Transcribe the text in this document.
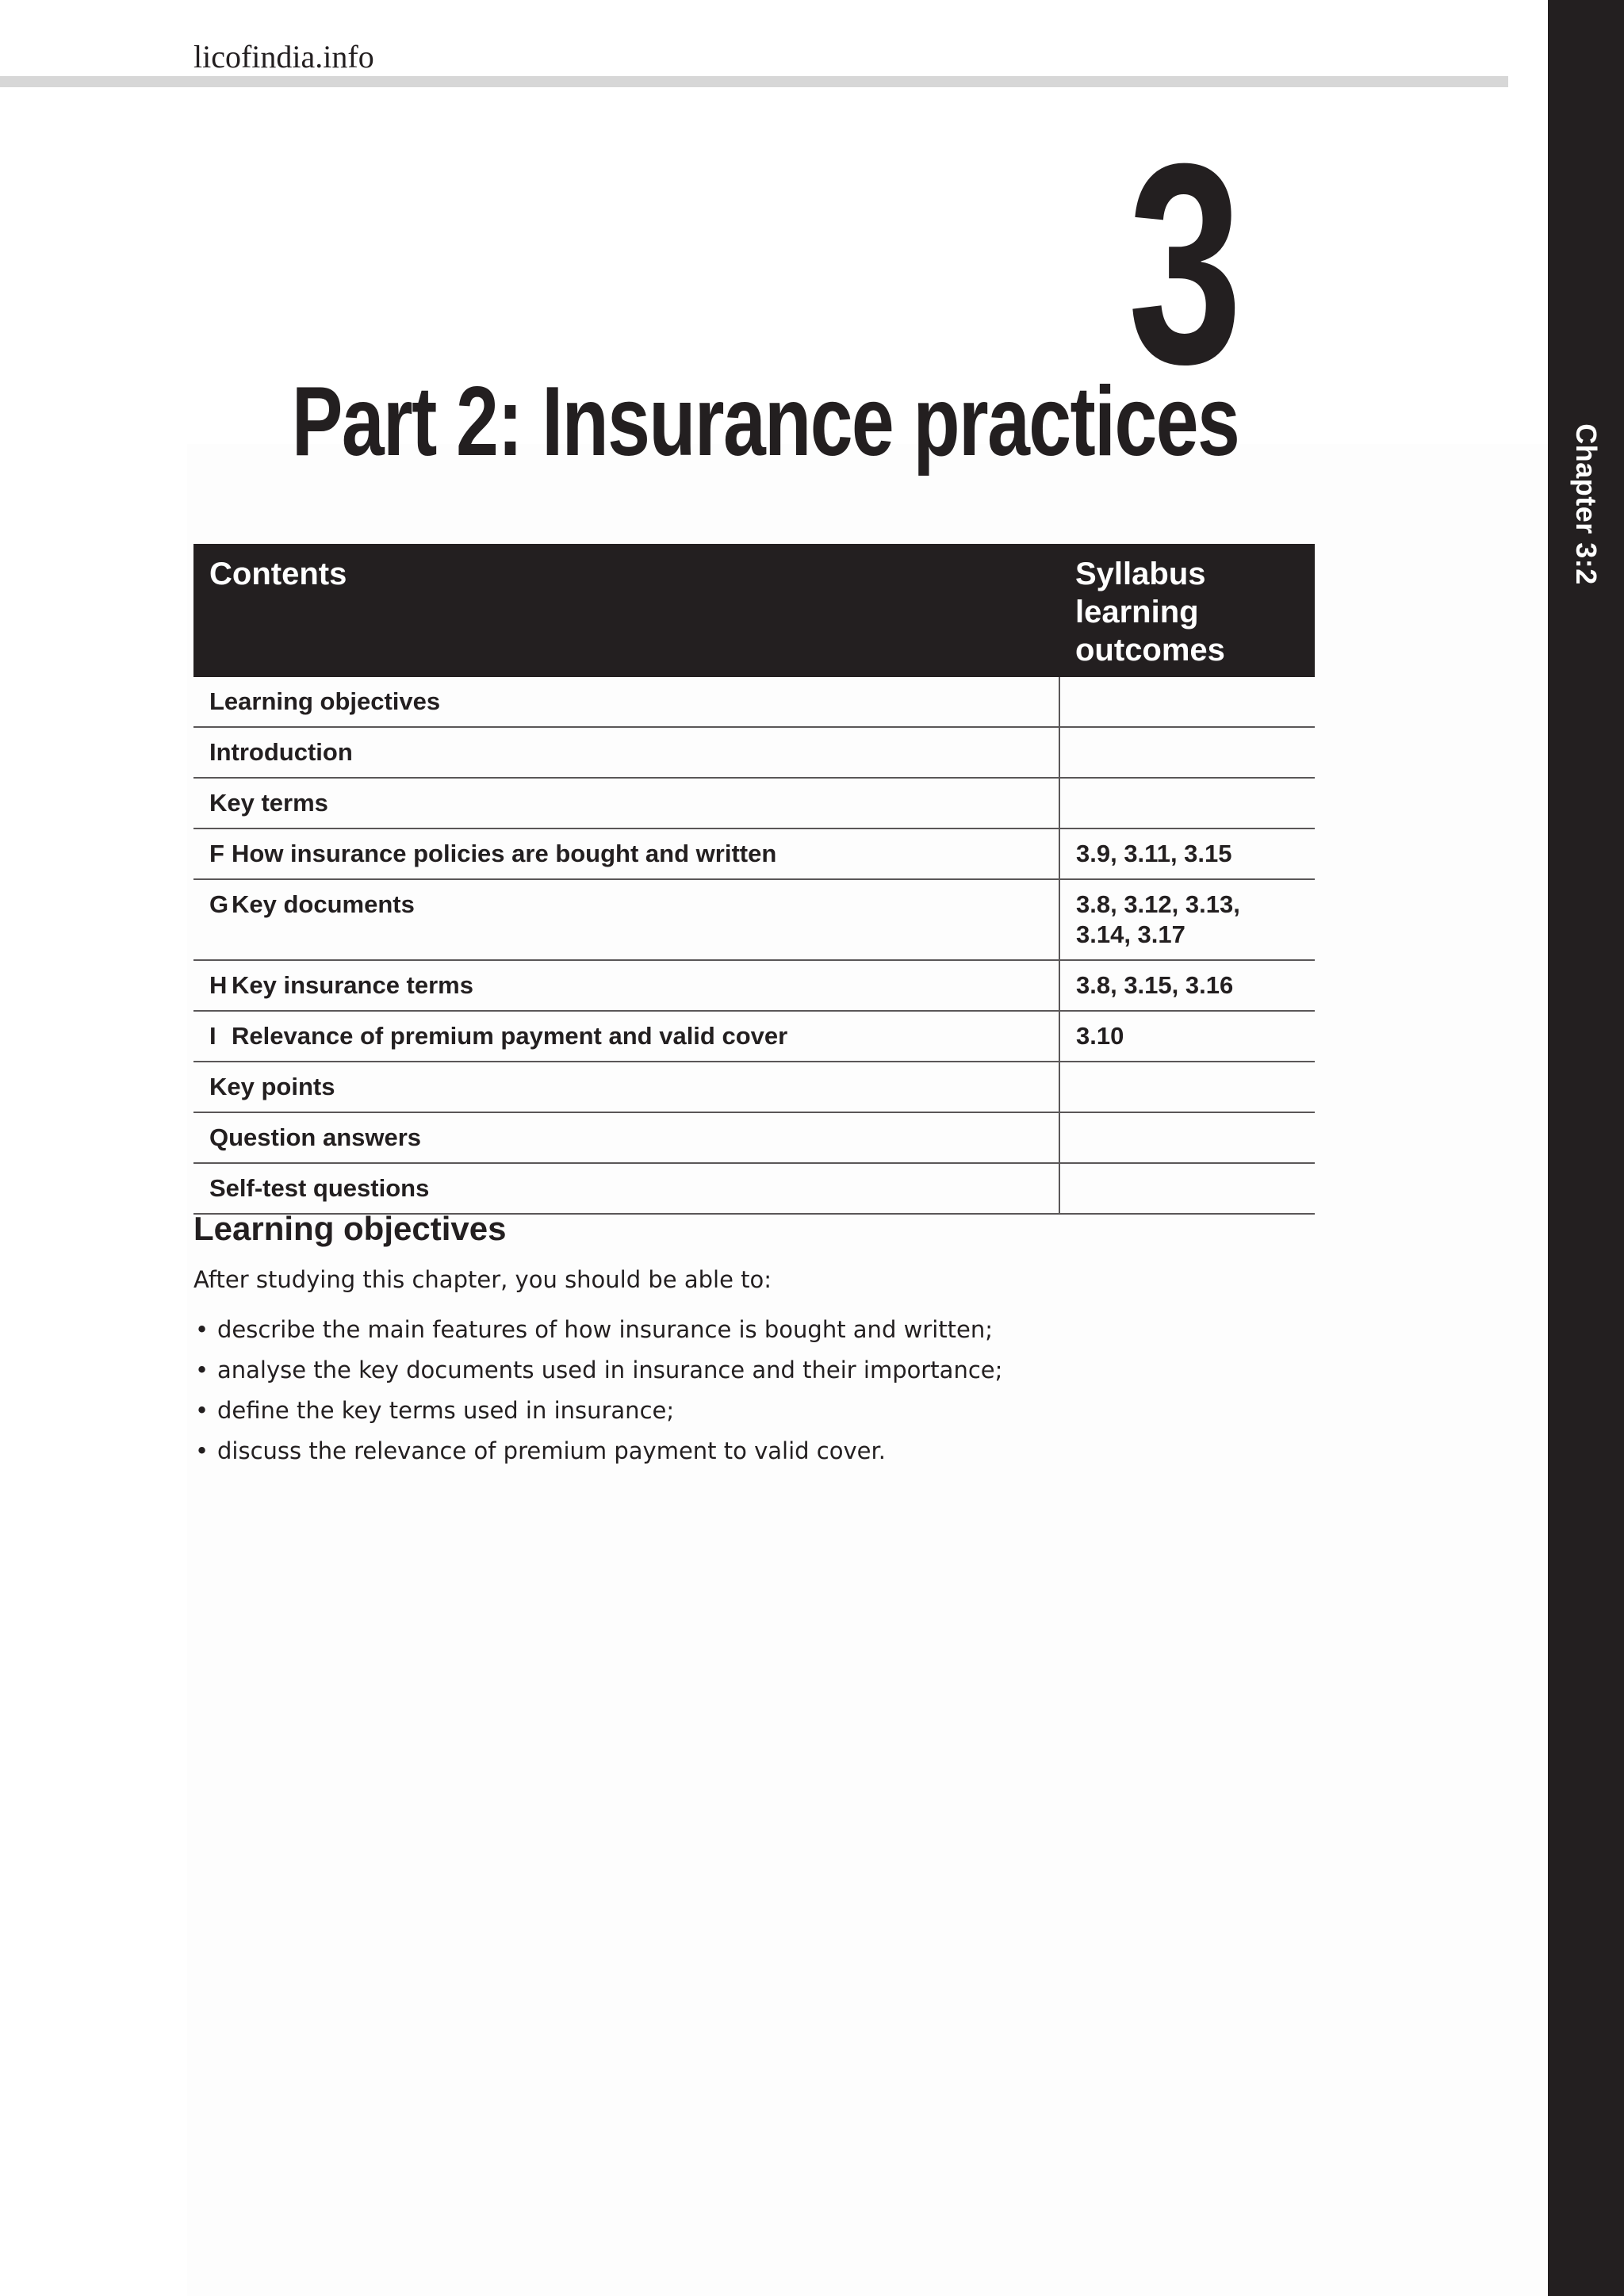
licofindia.info
3
Part 2: Insurance practices
Contents	Syllabus learning outcomes
Learning objectives	
Introduction	
Key terms	
F How insurance policies are bought and written	3.9, 3.11, 3.15
G Key documents	3.8, 3.12, 3.13, 3.14, 3.17
H Key insurance terms	3.8, 3.15, 3.16
I Relevance of premium payment and valid cover	3.10
Key points	
Question answers	
Self-test questions	
Learning objectives
After studying this chapter, you should be able to:
• describe the main features of how insurance is bought and written;
• analyse the key documents used in insurance and their importance;
• define the key terms used in insurance;
• discuss the relevance of premium payment to valid cover.
Chapter 3:2
